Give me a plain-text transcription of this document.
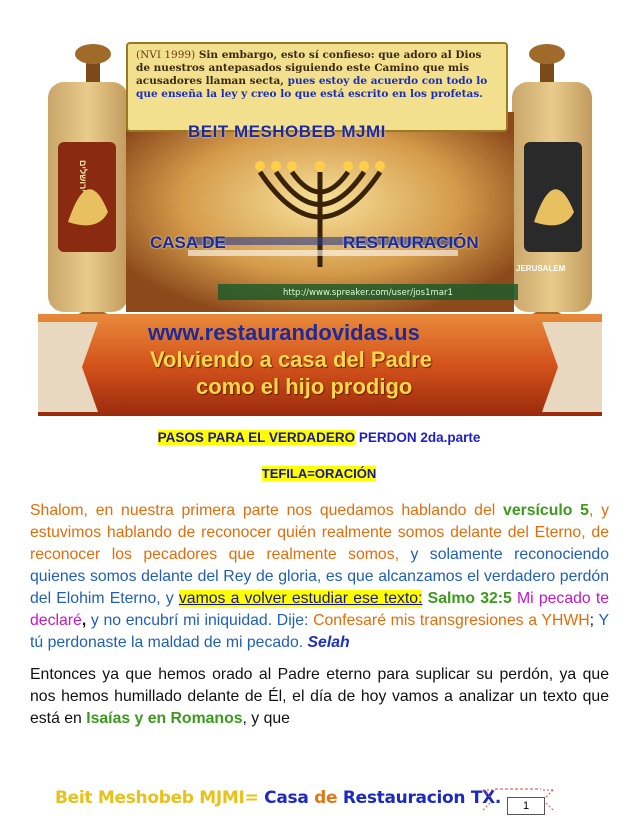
(NVI 1999) Sin embargo, esto sí confieso: que adoro al Dios de nuestros antepasados siguiendo este Camino que mis acusadores llaman secta, pues estoy de acuerdo con todo lo que enseña la ley y creo lo que está escrito en los profetas.
BEIT MESHOBEB MJMI
CASA DE	RESTAURACIÓN
http://www.spreaker.com/user/jos1mar1
ירושלים
JERUSALEM
www.restaurandovidas.us
Volviendo a casa del Padre
como el hijo prodigo
PASOS PARA EL VERDADERO PERDON 2da.parte
TEFILA=ORACIÓN
Shalom, en nuestra primera parte nos quedamos hablando del versículo 5, y estuvimos hablando de reconocer quién realmente somos delante del Eterno, de reconocer los pecadores que realmente somos, y solamente reconociendo quienes somos delante del Rey de gloria, es que alcanzamos el verdadero perdón del Elohim Eterno, y vamos a volver estudiar ese texto: Salmo 32:5 Mi pecado te declaré, y no encubrí mi iniquidad. Dije: Confesaré mis transgresiones a YHWH; Y tú perdonaste la maldad de mi pecado. Selah
Entonces ya que hemos orado al Padre eterno para suplicar su perdón, ya que nos hemos humillado delante de Él, el día de hoy vamos a analizar un texto que está en Isaías y en Romanos, y que
Beit Meshobeb MJMI= Casa de Restauracion TX.	1
